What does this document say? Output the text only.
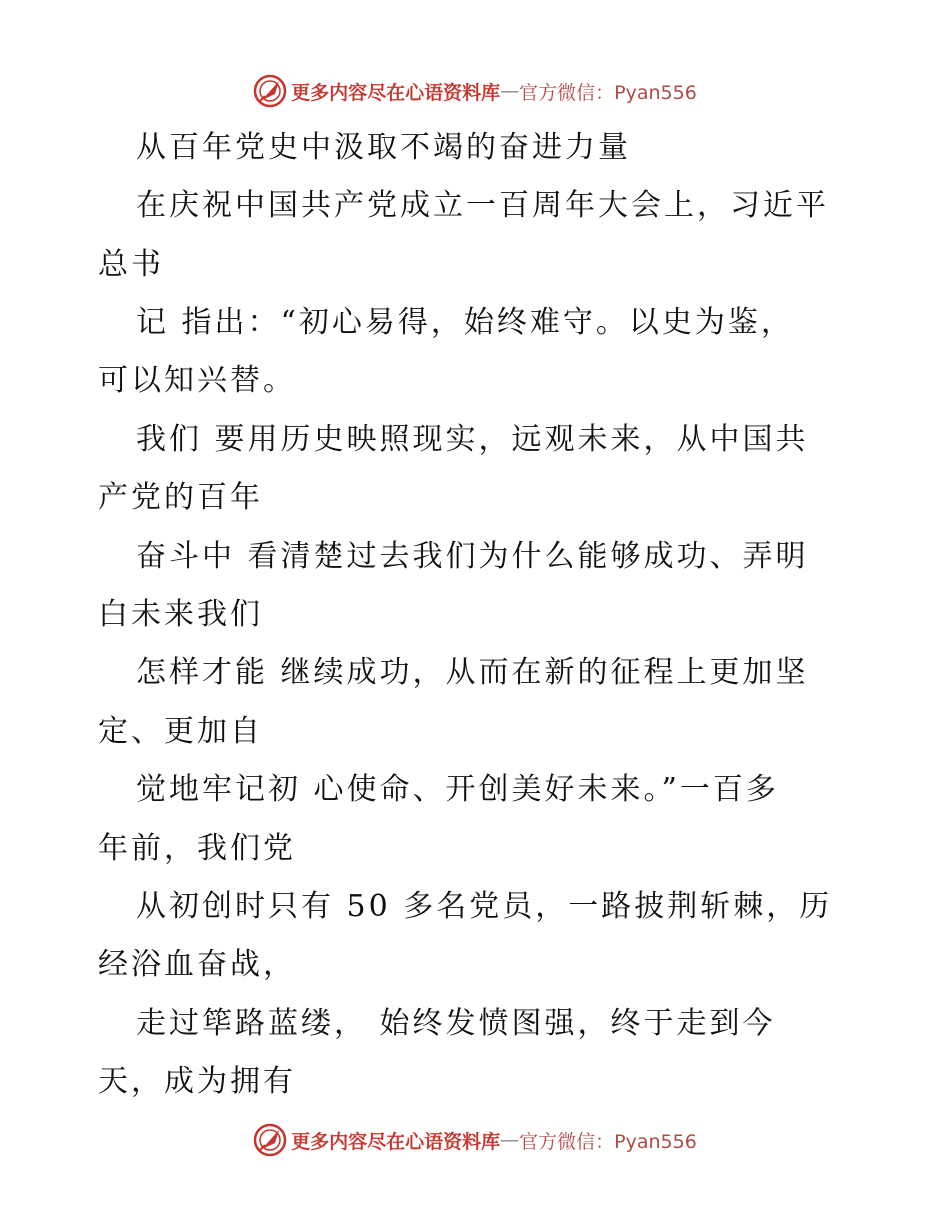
更多内容尽在心语资料库 — 官方微信：Pyan556
从百年党史中汲取不竭的奋进力量
在庆祝中国共产党成立一百周年大会上，习近平
总书
记 指出：“初心易得，始终难守。以史为鉴，
可以知兴替。
我们 要用历史映照现实，远观未来，从中国共
产党的百年
奋斗中 看清楚过去我们为什么能够成功、弄明
白未来我们
怎样才能 继续成功，从而在新的征程上更加坚
定、更加自
觉地牢记初 心使命、开创美好未来。”一百多
年前，我们党
从初创时只有 50 多名党员，一路披荆斩棘，历
经浴血奋战，
走过筚路蓝缕， 始终发愤图强，终于走到今
天，成为拥有
更多内容尽在心语资料库 — 官方微信：Pyan556
